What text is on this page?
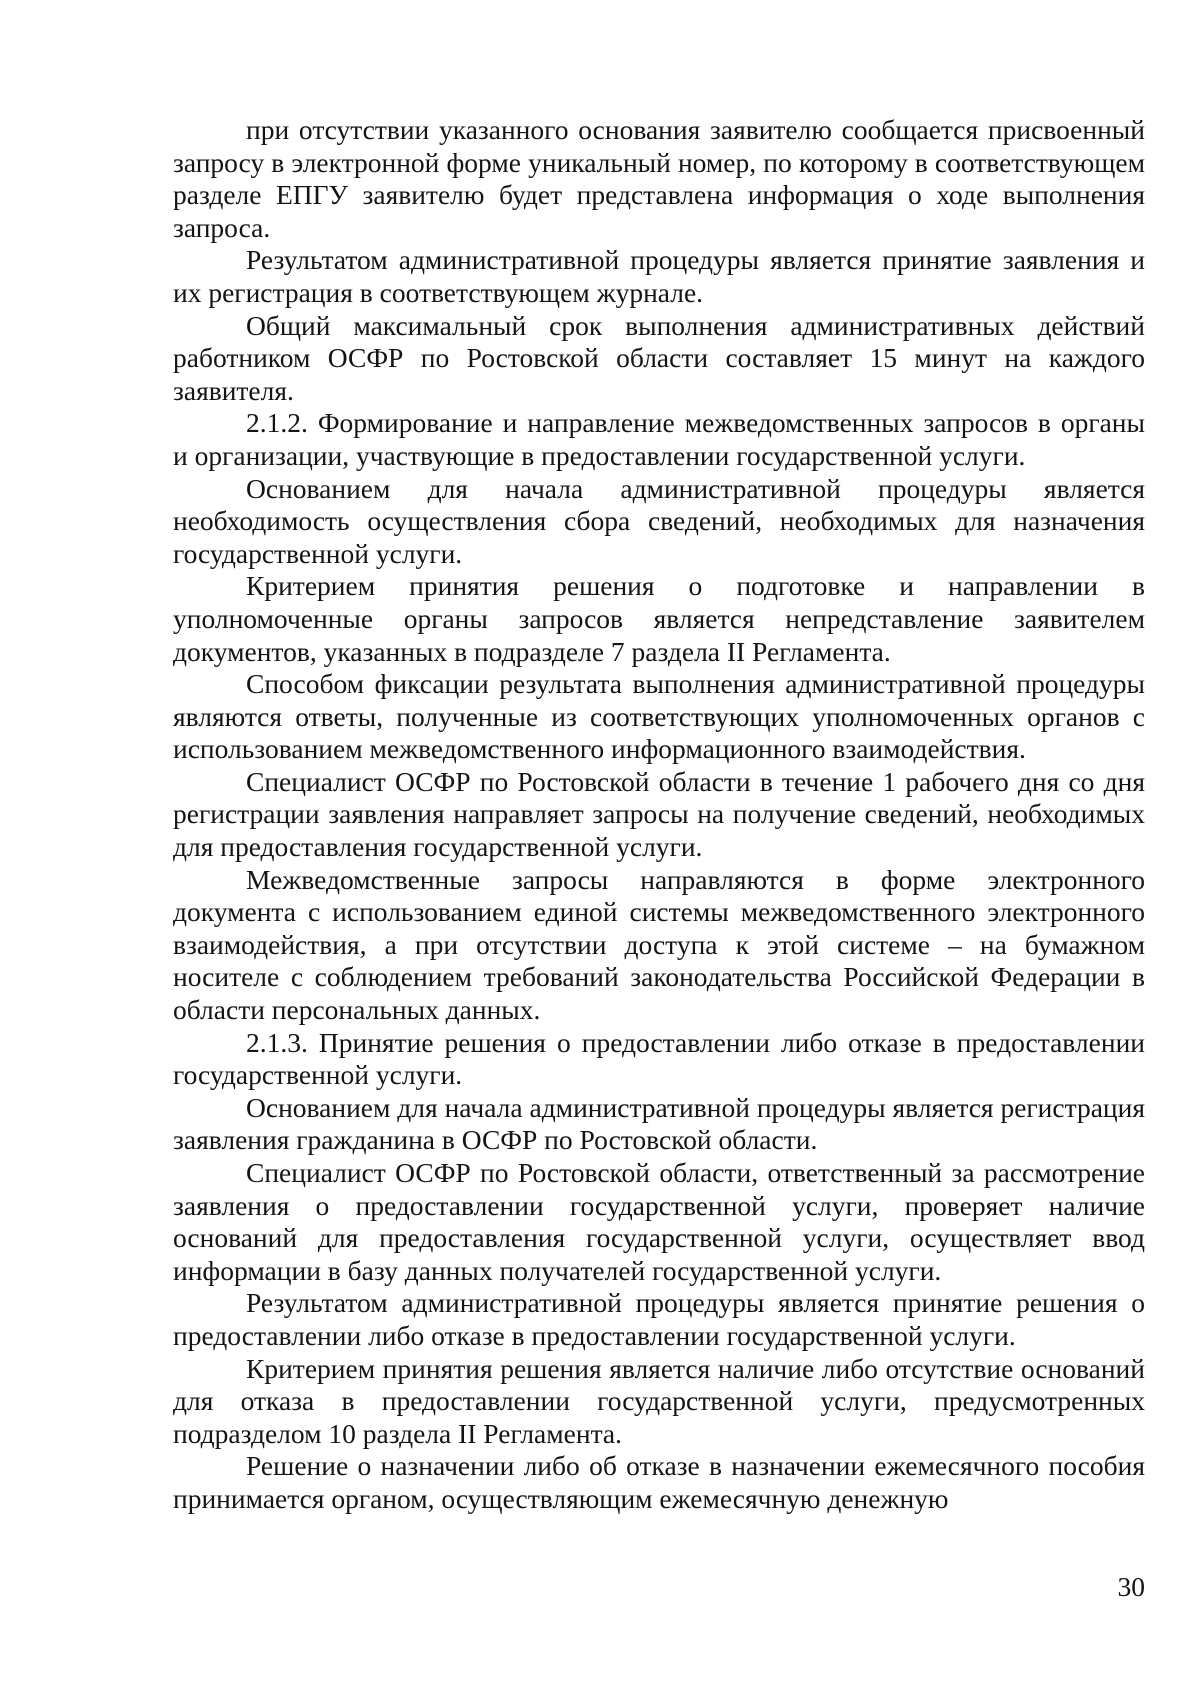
при отсутствии указанного основания заявителю сообщается присвоенный запросу в электронной форме уникальный номер, по которому в соответствующем разделе ЕПГУ заявителю будет представлена информация о ходе выполнения запроса.

Результатом административной процедуры является принятие заявления и их регистрация в соответствующем журнале.

Общий максимальный срок выполнения административных действий работником ОСФР по Ростовской области составляет 15 минут на каждого заявителя.

2.1.2. Формирование и направление межведомственных запросов в органы и организации, участвующие в предоставлении государственной услуги.

Основанием для начала административной процедуры является необходимость осуществления сбора сведений, необходимых для назначения государственной услуги.

Критерием принятия решения о подготовке и направлении в уполномоченные органы запросов является непредставление заявителем документов, указанных в подразделе 7 раздела II Регламента.

Способом фиксации результата выполнения административной процедуры являются ответы, полученные из соответствующих уполномоченных органов с использованием межведомственного информационного взаимодействия.

Специалист ОСФР по Ростовской области в течение 1 рабочего дня со дня регистрации заявления направляет запросы на получение сведений, необходимых для предоставления государственной услуги.

Межведомственные запросы направляются в форме электронного документа с использованием единой системы межведомственного электронного взаимодействия, а при отсутствии доступа к этой системе – на бумажном носителе с соблюдением требований законодательства Российской Федерации в области персональных данных.

2.1.3. Принятие решения о предоставлении либо отказе в предоставлении государственной услуги.

Основанием для начала административной процедуры является регистрация заявления гражданина в ОСФР по Ростовской области.

Специалист ОСФР по Ростовской области, ответственный за рассмотрение заявления о предоставлении государственной услуги, проверяет наличие оснований для предоставления государственной услуги, осуществляет ввод информации в базу данных получателей государственной услуги.

Результатом административной процедуры является принятие решения о предоставлении либо отказе в предоставлении государственной услуги.

Критерием принятия решения является наличие либо отсутствие оснований для отказа в предоставлении государственной услуги, предусмотренных подразделом 10 раздела II Регламента.

Решение о назначении либо об отказе в назначении ежемесячного пособия принимается органом, осуществляющим ежемесячную денежную

30
